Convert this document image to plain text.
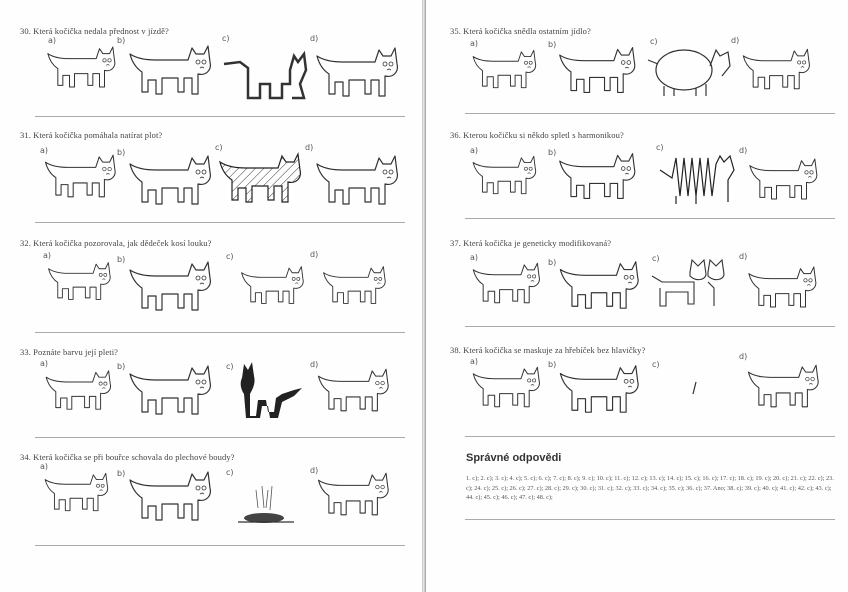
30. Která kočička nedala přednost v jízdě?
31. Která kočička pomáhala natírat plot?
32. Která kočička pozorovala, jak dědeček kosí louku?
33. Poznáte barvu její pleti?
34. Která kočička se při bouřce schovala do plechové boudy?
35. Která kočička snědla ostatním jídlo?
36. Kterou kočičku si někdo spletl s harmonikou?
37. Která kočička je geneticky modifikovaná?
38. Která kočička se maskuje za hřebíček bez hlavičky?
a)	b)	c)	d)
a)	b)
c)	d)
a)	b)	c)	d)
a)	b)	c)	d)
a)
b)	c)	d)
a)	b)	c)	d)
a)	b)
c)	d)
a)
b)	c)	d)
a)	b)	c)
d)
Správné odpovědi
1. c); 2. c); 3. c); 4. c); 5. c); 6. c); 7. c); 8. c); 9. c); 10. c); 11. c); 12. c); 13. c); 14. c); 15. c); 16. c); 17. c); 18. c); 19. c); 20. c); 21. c); 22. c); 23. c); 24. c); 25. c); 26. c); 27. c); 28. c); 29. c); 30. c); 31. c); 32. c); 33. c); 34. c); 35. c); 36. c); 37. Ano; 38. c); 39. c); 40. c); 41. c); 42. c); 43. c); 44. c); 45. c); 46. c); 47. c); 48. c);
